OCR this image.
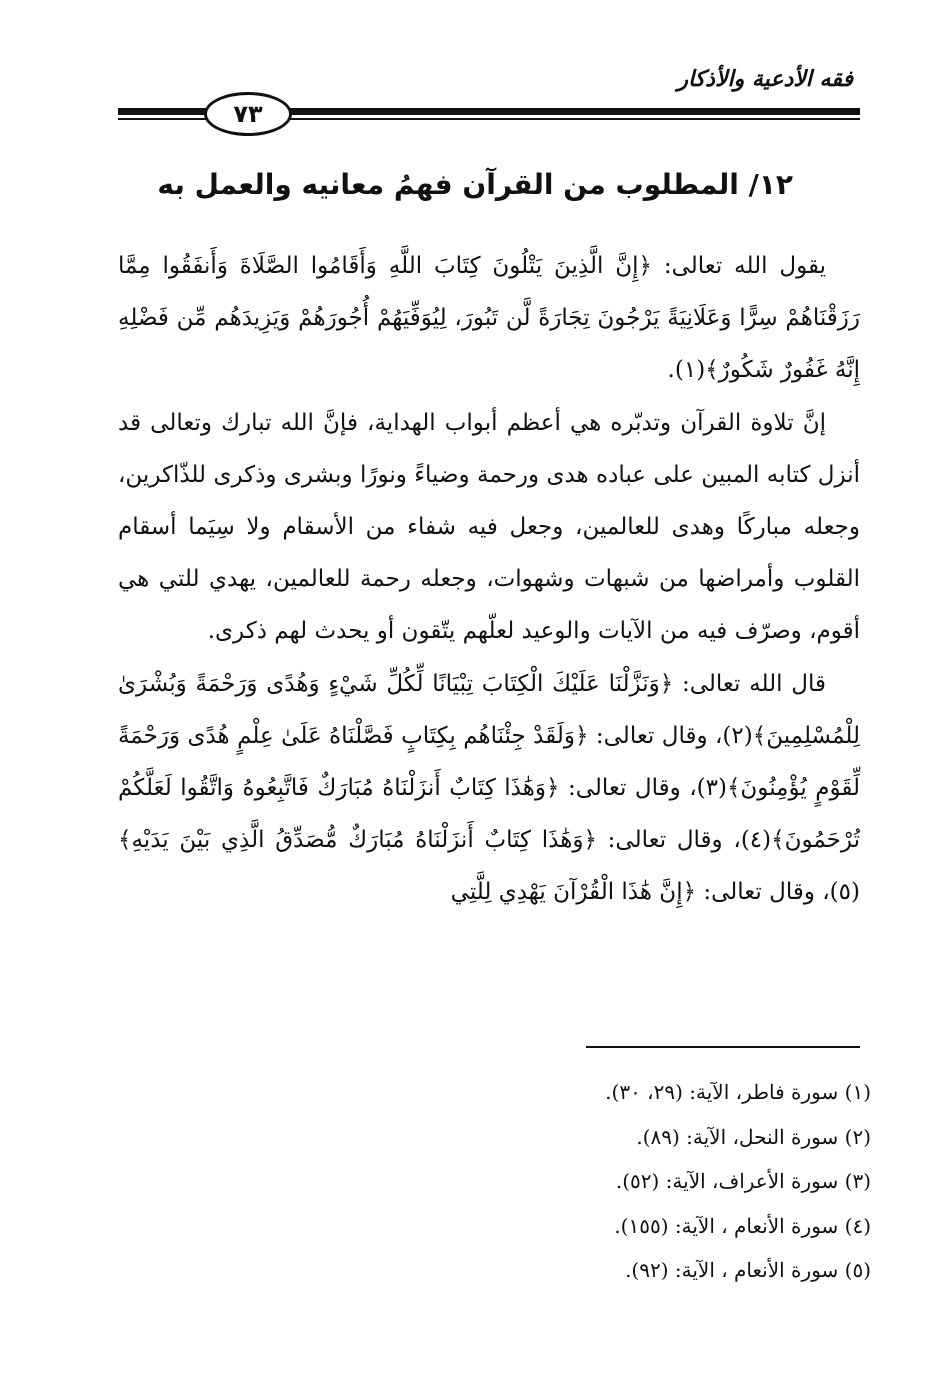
فقه الأدعية والأذكار
٧٣
١٢/ المطلوب من القرآن فهمُ معانيه والعمل به

يقول الله تعالى: ﴿إِنَّ الَّذِينَ يَتْلُونَ كِتَابَ اللَّهِ وَأَقَامُوا الصَّلَاةَ وَأَنفَقُوا مِمَّا رَزَقْنَاهُمْ سِرًّا وَعَلَانِيَةً يَرْجُونَ تِجَارَةً لَّن تَبُورَ، لِيُوَفِّيَهُمْ أُجُورَهُمْ وَيَزِيدَهُم مِّن فَضْلِهِ إِنَّهُ غَفُورٌ شَكُورٌ﴾(١).

إنَّ تلاوة القرآن وتدبّره هي أعظم أبواب الهداية، فإنَّ الله تبارك وتعالى قد أنزل كتابه المبين على عباده هدى ورحمة وضياءً ونورًا وبشرى وذكرى للذّاكرين، وجعله مباركًا وهدى للعالمين، وجعل فيه شفاء من الأسقام ولا سِيَما أسقام القلوب وأمراضها من شبهات وشهوات، وجعله رحمة للعالمين، يهدي للتي هي أقوم، وصرّف فيه من الآيات والوعيد لعلّهم يتّقون أو يحدث لهم ذكرى.

قال الله تعالى: ﴿وَنَزَّلْنَا عَلَيْكَ الْكِتَابَ تِبْيَانًا لِّكُلِّ شَيْءٍ وَهُدًى وَرَحْمَةً وَبُشْرَىٰ لِلْمُسْلِمِينَ﴾(٢)، وقال تعالى: ﴿وَلَقَدْ جِئْنَاهُم بِكِتَابٍ فَصَّلْنَاهُ عَلَىٰ عِلْمٍ هُدًى وَرَحْمَةً لِّقَوْمٍ يُؤْمِنُونَ﴾(٣)، وقال تعالى: ﴿وَهَٰذَا كِتَابٌ أَنزَلْنَاهُ مُبَارَكٌ فَاتَّبِعُوهُ وَاتَّقُوا لَعَلَّكُمْ تُرْحَمُونَ﴾(٤)، وقال تعالى: ﴿وَهَٰذَا كِتَابٌ أَنزَلْنَاهُ مُبَارَكٌ مُّصَدِّقُ الَّذِي بَيْنَ يَدَيْهِ﴾(٥)، وقال تعالى: ﴿إِنَّ هَٰذَا الْقُرْآنَ يَهْدِي لِلَّتِي

(١) سورة فاطر، الآية: (٢٩، ٣٠).
(٢) سورة النحل، الآية: (٨٩).
(٣) سورة الأعراف، الآية: (٥٢).
(٤) سورة الأنعام ، الآية: (١٥٥).
(٥) سورة الأنعام ، الآية: (٩٢).
